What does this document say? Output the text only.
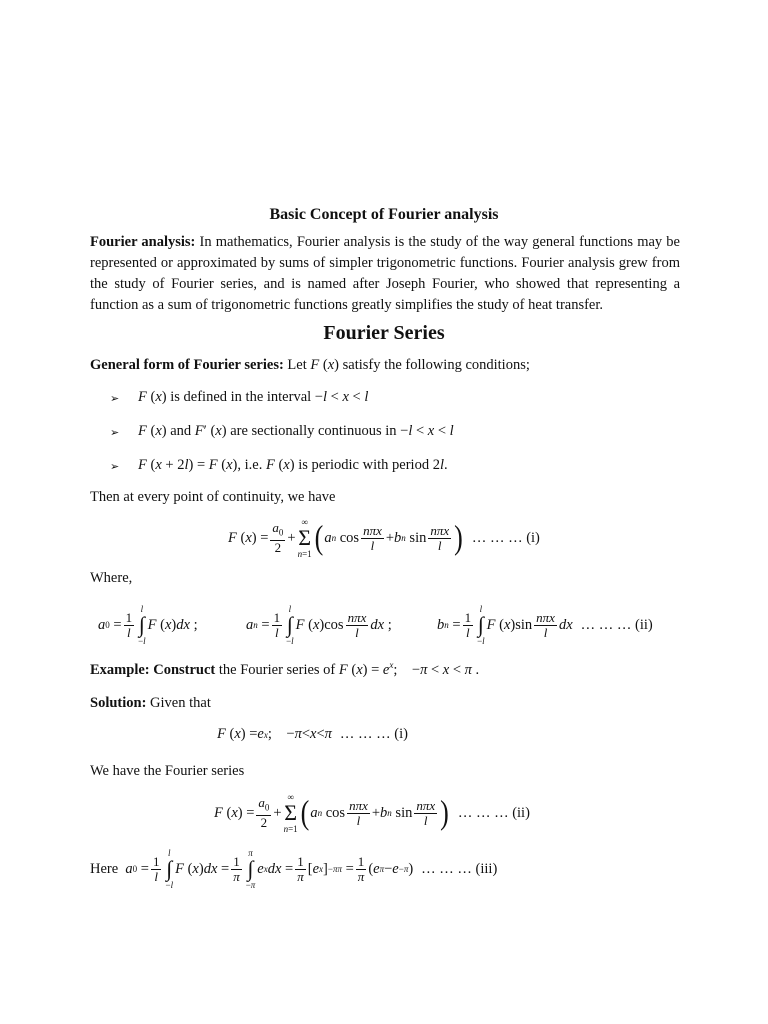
Basic Concept of Fourier analysis
Fourier analysis: In mathematics, Fourier analysis is the study of the way general functions may be represented or approximated by sums of simpler trigonometric functions. Fourier analysis grew from the study of Fourier series, and is named after Joseph Fourier, who showed that representing a function as a sum of trigonometric functions greatly simplifies the study of heat transfer.
Fourier Series
General form of Fourier series: Let F (x) satisfy the following conditions;
➢	F (x) is defined in the interval −l < x < l
➢	F (x) and F′ (x) are sectionally continuous in −l < x < l
➢	F (x + 2l) = F (x), i.e. F (x) is periodic with period 2l.
Then at every point of continuity, we have
F ( x ) = $\frac{a_0}{2}$ +
∞
Σ
n=1 ( a n $\cos \frac{\text{nπx}}{l} + b$ n $\sin \frac{\text{nπx}}{l}$ ) … … … (i)
Where,
a $0 = \frac{1}{l}$
l
∫
−l
F ( x ) dx ;	a $n = \frac{1}{l}$
l
∫
−l
F ( x )$\cos \frac{\text{nπx}}{l}$ dx ;	b $n = \frac{1}{l}$
l
∫
−l
F ( x )$\sin \frac{\text{nπx}}{l}$ dx … … … (ii)
Example: Construct the Fourier series of F $(x) = e^x$;    −π < x < π .
Solution: Given that
F ( x ) = e x ;    − π < x < π … … … (i)
We have the Fourier series
F ( x ) = $\frac{a_0}{2}$ +
∞
Σ
n=1 ( a n $\cos \frac{\text{nπx}}{l} + b$ n $\sin \frac{\text{nπx}}{l}$ ) … … … (ii)
Here
a $0 = \frac{1}{l}$
l
∫
−l
F ( x ) dx = $\frac{1}{\pi}$
π
∫
−π
e x dx = $\frac{1}{\pi}$ [ e x ] −π $\pi = \frac{1}{\pi}$ ( e π − e −π ) … … … (iii)
